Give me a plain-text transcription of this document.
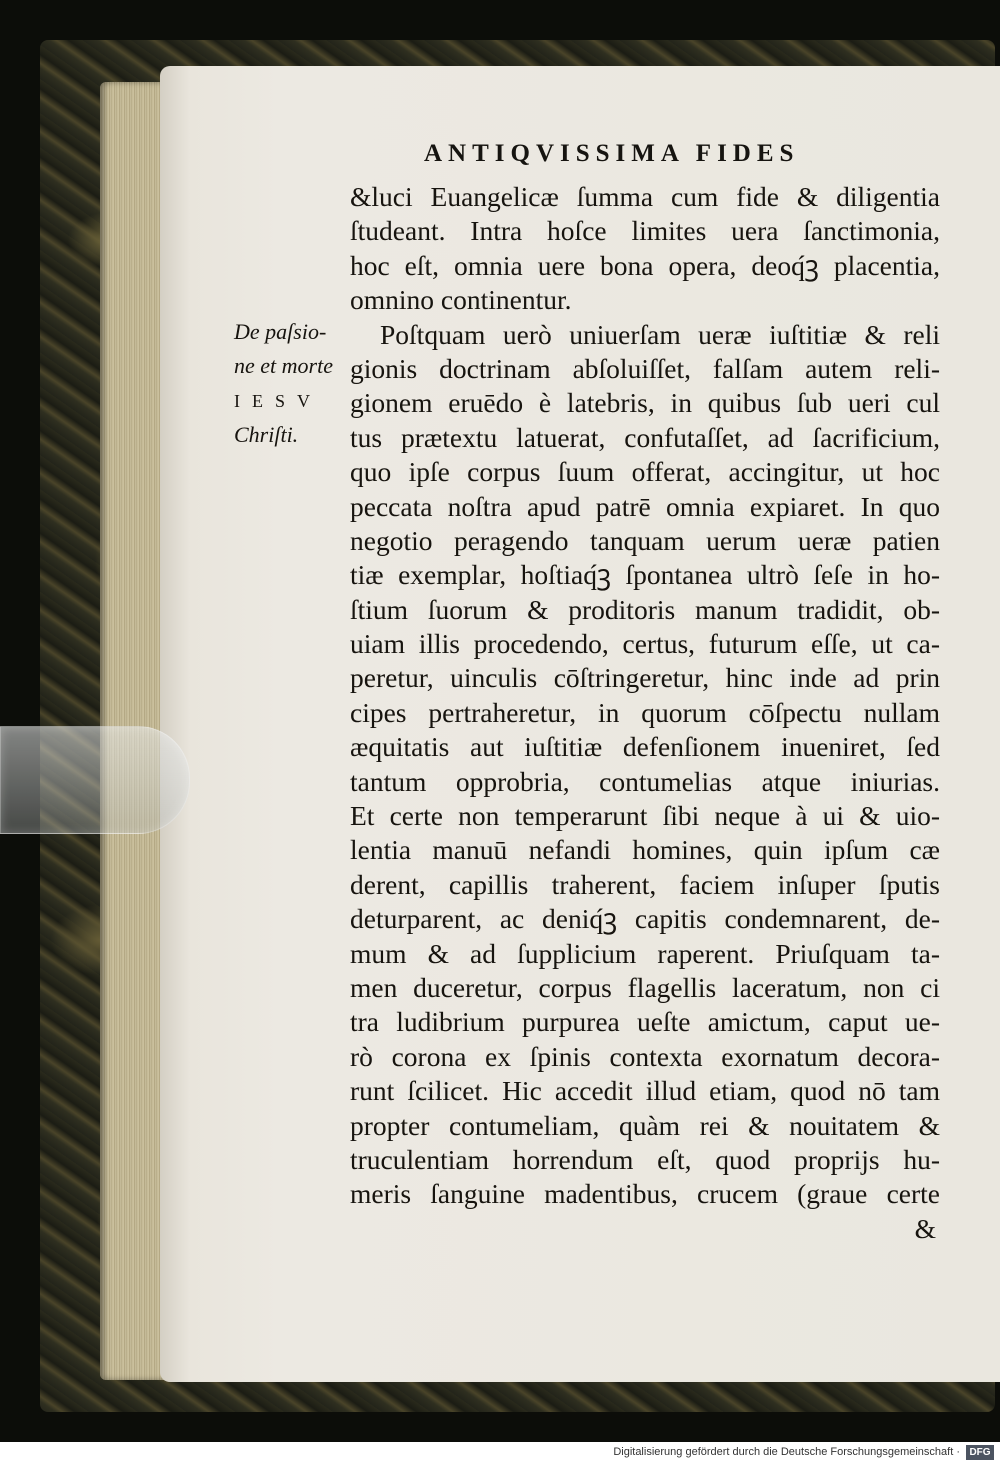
ANTIQVISSIMA FIDES
De paſsio-
ne et morte
IESV
Chriſti.
&luci Euangelicæ ſumma cum fide & diligentia
ſtudeant. Intra hoſce limites uera ſanctimonia,
hoc eſt, omnia uere bona opera, deoq́ꝫ placentia,
omnino continentur.
Poſtquam uerò uniuerſam ueræ iuſtitiæ & reli
gionis doctrinam abſoluiſſet, falſam autem reli-
gionem eruēdo è latebris, in quibus ſub ueri cul
tus prætextu latuerat, confutaſſet, ad ſacrificium,
quo ipſe corpus ſuum offerat, accingitur, ut hoc
peccata noſtra apud patrē omnia expiaret. In quo
negotio peragendo tanquam uerum ueræ patien
tiæ exemplar, hoſtiaq́ꝫ ſpontanea ultrò ſeſe in ho-
ſtium ſuorum & proditoris manum tradidit, ob-
uiam illis procedendo, certus, futurum eſſe, ut ca-
peretur, uinculis cōſtringeretur, hinc inde ad prin
cipes pertraheretur, in quorum cōſpectu nullam
æquitatis aut iuſtitiæ defenſionem inueniret, ſed
tantum opprobria, contumelias atque iniurias.
Et certe non temperarunt ſibi neque à ui & uio-
lentia manuū nefandi homines, quin ipſum cæ
derent, capillis traherent, faciem inſuper ſputis
deturparent, ac deniq́ꝫ capitis condemnarent, de-
mum & ad ſupplicium raperent. Priuſquam ta-
men duceretur, corpus flagellis laceratum, non ci
tra ludibrium purpurea ueſte amictum, caput ue-
rò corona ex ſpinis contexta exornatum decora-
runt ſcilicet. Hic accedit illud etiam, quod nō tam
propter contumeliam, quàm rei & nouitatem &
truculentiam horrendum eſt, quod proprijs hu-
meris ſanguine madentibus, crucem (graue certe
&
Digitalisierung gefördert durch die Deutsche Forschungsgemeinschaft · DFG
